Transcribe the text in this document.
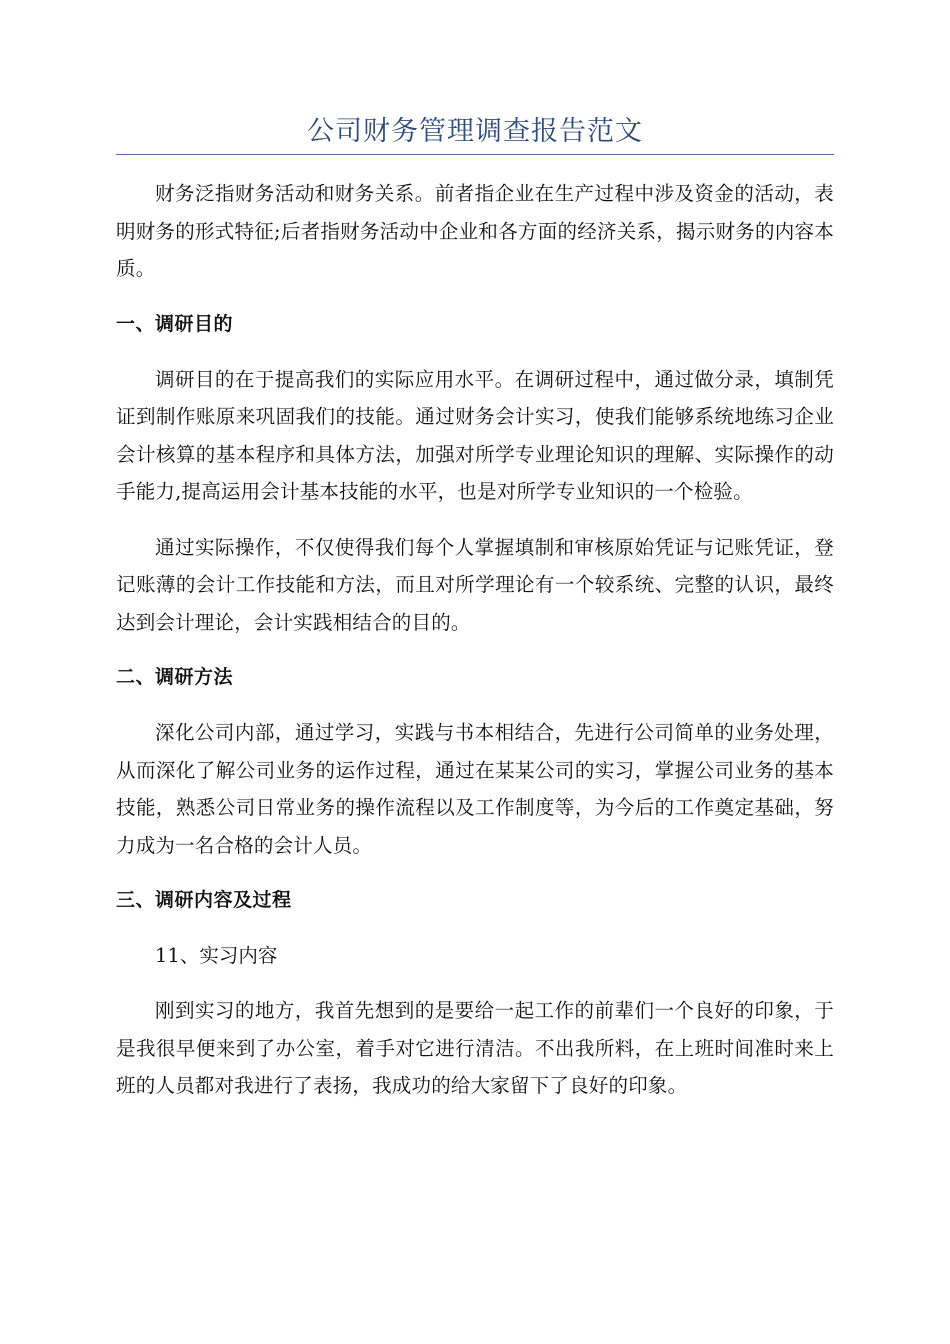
公司财务管理调查报告范文

财务泛指财务活动和财务关系。前者指企业在生产过程中涉及资金的活动，表明财务的形式特征;后者指财务活动中企业和各方面的经济关系，揭示财务的内容本质。

一、调研目的

调研目的在于提高我们的实际应用水平。在调研过程中，通过做分录，填制凭证到制作账原来巩固我们的技能。通过财务会计实习，使我们能够系统地练习企业会计核算的基本程序和具体方法，加强对所学专业理论知识的理解、实际操作的动手能力,提高运用会计基本技能的水平，也是对所学专业知识的一个检验。

通过实际操作，不仅使得我们每个人掌握填制和审核原始凭证与记账凭证，登记账薄的会计工作技能和方法，而且对所学理论有一个较系统、完整的认识，最终达到会计理论，会计实践相结合的目的。

二、调研方法

深化公司内部，通过学习，实践与书本相结合，先进行公司简单的业务处理，从而深化了解公司业务的运作过程，通过在某某公司的实习，掌握公司业务的基本技能，熟悉公司日常业务的操作流程以及工作制度等，为今后的工作奠定基础，努力成为一名合格的会计人员。

三、调研内容及过程

11、实习内容

刚到实习的地方，我首先想到的是要给一起工作的前辈们一个良好的印象，于是我很早便来到了办公室，着手对它进行清洁。不出我所料，在上班时间准时来上班的人员都对我进行了表扬，我成功的给大家留下了良好的印象。
